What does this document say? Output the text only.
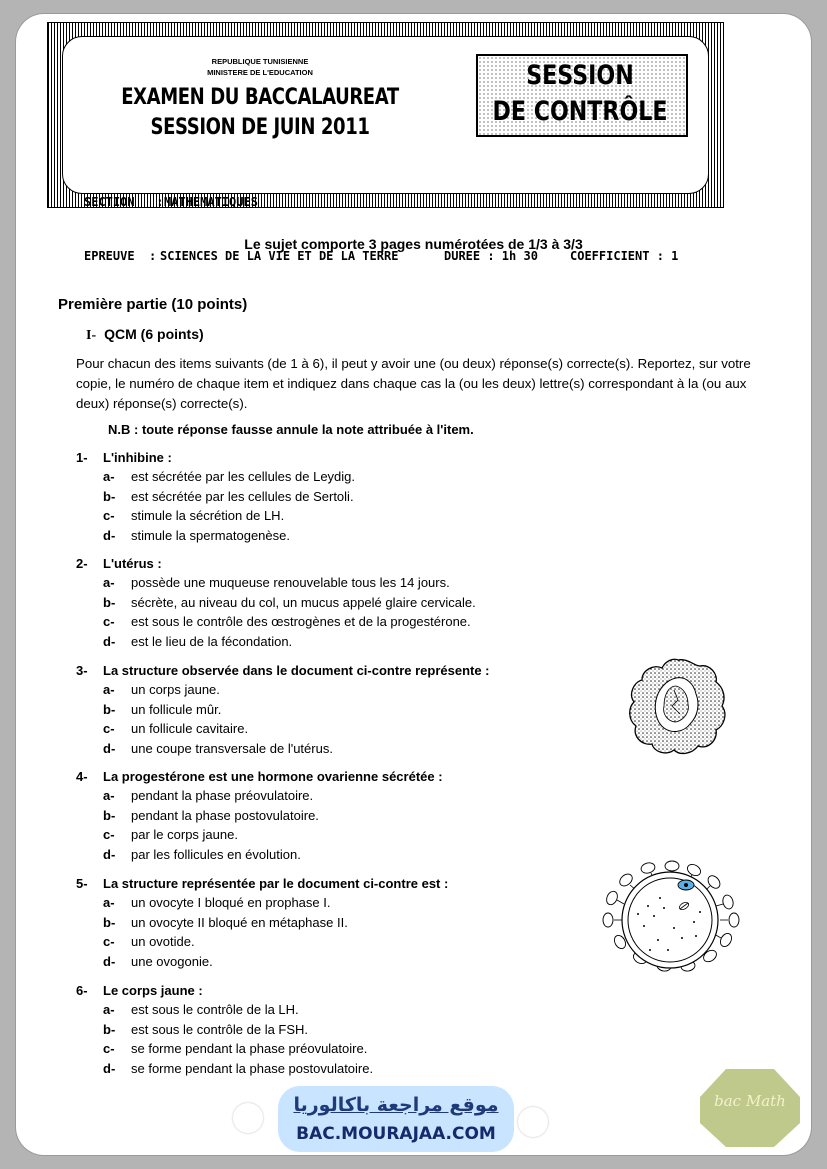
REPUBLIQUE TUNISIENNE
MINISTERE DE L'EDUCATION
EXAMEN DU BACCALAUREAT
SESSION DE JUIN 2011
SESSION
DE CONTRÔLE

SECTION   :

MATHEMATIQUES

EPREUVE  :

SCIENCES DE LA VIE ET DE LA TERRE

	DUREE : 1h 30

	COEFFICIENT : 1

Le sujet comporte 3 pages numérotées de 1/3 à 3/3
Première partie (10 points)
I- QCM (6 points)
Pour chacun des items suivants (de 1 à 6), il peut y avoir une (ou deux) réponse(s) correcte(s). Reportez, sur votre copie, le numéro de chaque item et indiquez dans chaque cas la (ou les deux) lettre(s) correspondant à la (ou aux deux) réponse(s) correcte(s).
N.B : toute réponse fausse annule la note attribuée à l'item.
1- L'inhibine :
a- est sécrétée par les cellules de Leydig.
b- est sécrétée par les cellules de Sertoli.
c- stimule la sécrétion de LH.
d- stimule la spermatogenèse.
2- L'utérus :
a- possède une muqueuse renouvelable tous les 14 jours.
b- sécrète, au niveau du col, un mucus appelé glaire cervicale.
c- est sous le contrôle des œstrogènes et de la progestérone.
d- est le lieu de la fécondation.
3- La structure observée dans le document ci-contre représente :
a- un corps jaune.
b- un follicule mûr.
c- un follicule cavitaire.
d- une coupe transversale de l'utérus.
4- La progestérone est une hormone ovarienne sécrétée :
a- pendant la phase préovulatoire.
b- pendant la phase postovulatoire.
c- par le corps jaune.
d- par les follicules en évolution.
5- La structure représentée par le document ci-contre est :
a- un ovocyte I bloqué en prophase I.
b- un ovocyte II bloqué en métaphase II.
c- un ovotide.
d- une ovogonie.
6- Le corps jaune :
a- est sous le contrôle de la LH.
b- est sous le contrôle de la FSH.
c- se forme pendant la phase préovulatoire.
d- se forme pendant la phase postovulatoire.
موقع مراجعة باكالوريا
BAC.MOURAJAA.COM
bac Math
